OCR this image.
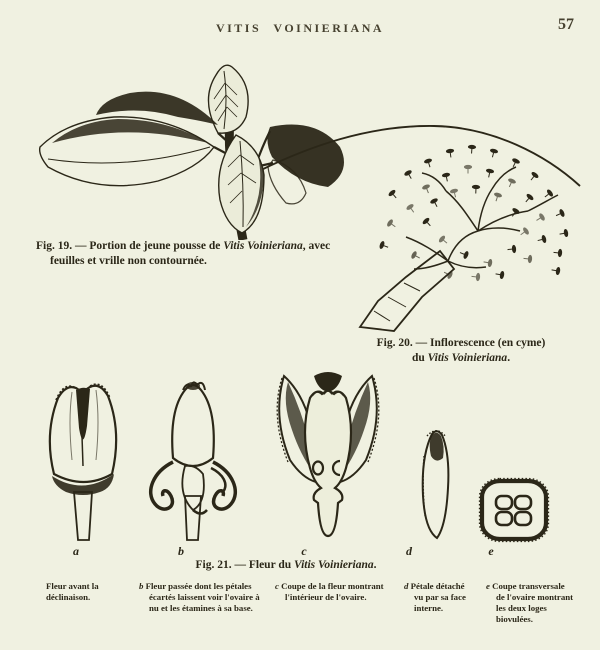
VITIS VOINIERIANA	57
Fig. 19. — Portion de jeune pousse de Vitis Voinieriana, avec feuilles et vrille non contournée.
Fig. 20. — Inflorescence (en cyme)
du Vitis Voinieriana.
a	b	c	d	e
Fig. 21. — Fleur du Vitis Voinieriana.
Fleur avant la déclinaison.
b Fleur passée dont les pétales écartés laissent voir l'ovaire à nu et les étamines à sa base.
c Coupe de la fleur montrant l'intérieur de l'ovaire.
d Pétale détaché vu par sa face interne.
e Coupe transversale de l'ovaire montrant les deux loges biovulées.
